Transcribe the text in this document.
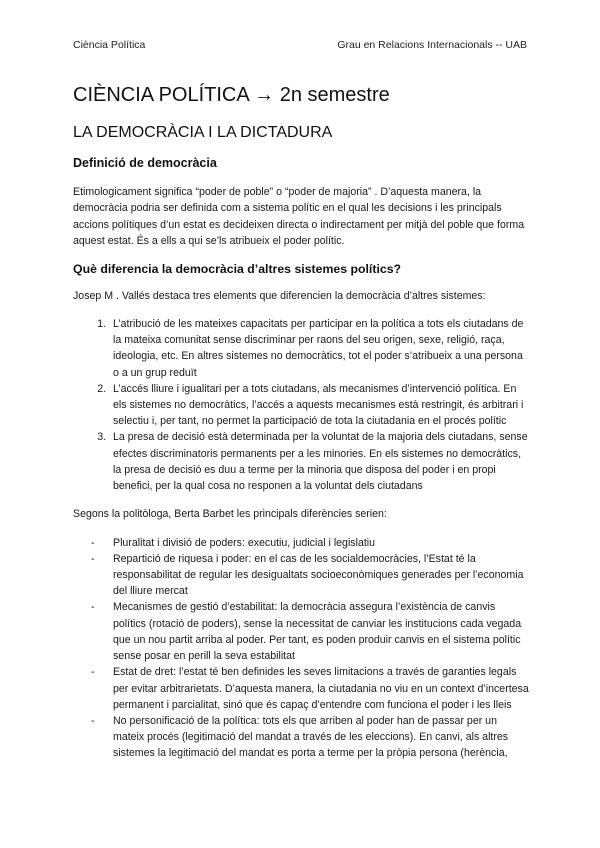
Ciència Política	Grau en Relacions Internacionals -- UAB
CIÈNCIA POLÍTICA → 2n semestre
LA DEMOCRÀCIA I LA DICTADURA
Definició de democràcia

Etimologicament significa “poder de poble” o “poder de majoria” . D’aquesta manera, la democràcia podria ser definida com a sistema polític en el qual les decisions i les principals accions polítiques d’un estat es decideixen directa o indirectament per mitjà del poble que forma aquest estat. És a ells a qui se’ls atribueix el poder polític.

Què diferencia la democràcia d’altres sistemes polítics?

Josep M . Vallés destaca tres elements que diferencien la democràcia d’altres sistemes:

1. L’atribució de les mateixes capacitats per participar en la política a tots els ciutadans de la mateixa comunitat sense discriminar per raons del seu origen, sexe, religió, raça, ideologia, etc. En altres sistemes no democràtics, tot el poder s’atribueix a una persona o a un grup reduït
2. L’accés lliure i igualitari per a tots ciutadans, als mecanismes d’intervenció política. En els sistemes no democràtics, l’accés a aquests mecanismes està restringit, és arbitrari i selectiu i, per tant, no permet la participació de tota la ciutadania en el procés polític
3. La presa de decisió està determinada per la voluntat de la majoria dels ciutadans, sense efectes discriminatoris permanents per a les minories. En els sistemes no democràtics, la presa de decisió es duu a terme per la minoria que disposa del poder i en propi benefici, per la qual cosa no responen a la voluntat dels ciutadans

Segons la politòloga, Berta Barbet les principals diferències serien:

- Pluralitat i divisió de poders: executiu, judicial i legislatiu
- Repartició de riquesa i poder: en el cas de les socialdemocràcies, l’Estat té la responsabilitat de regular les desigualtats socioeconòmiques generades per l’economia del lliure mercat
- Mecanismes de gestió d’estabilitat: la democràcia assegura l’existència de canvis polítics (rotació de poders), sense la necessitat de canviar les institucions cada vegada que un nou partit arriba al poder. Per tant, es poden produir canvis en el sistema polític sense posar en perill la seva estabilitat
- Estat de dret: l’estat té ben definides les seves limitacions a través de garanties legals per evitar arbitrarietats. D’aquesta manera, la ciutadania no viu en un context d’incertesa permanent i parcialitat, sinó que és capaç d’entendre com funciona el poder i les lleis
- No personificació de la política: tots els que arriben al poder han de passar per un mateix procés (legitimació del mandat a través de les eleccions). En canvi, als altres sistemes la legitimació del mandat es porta a terme per la pròpia persona (herència,
